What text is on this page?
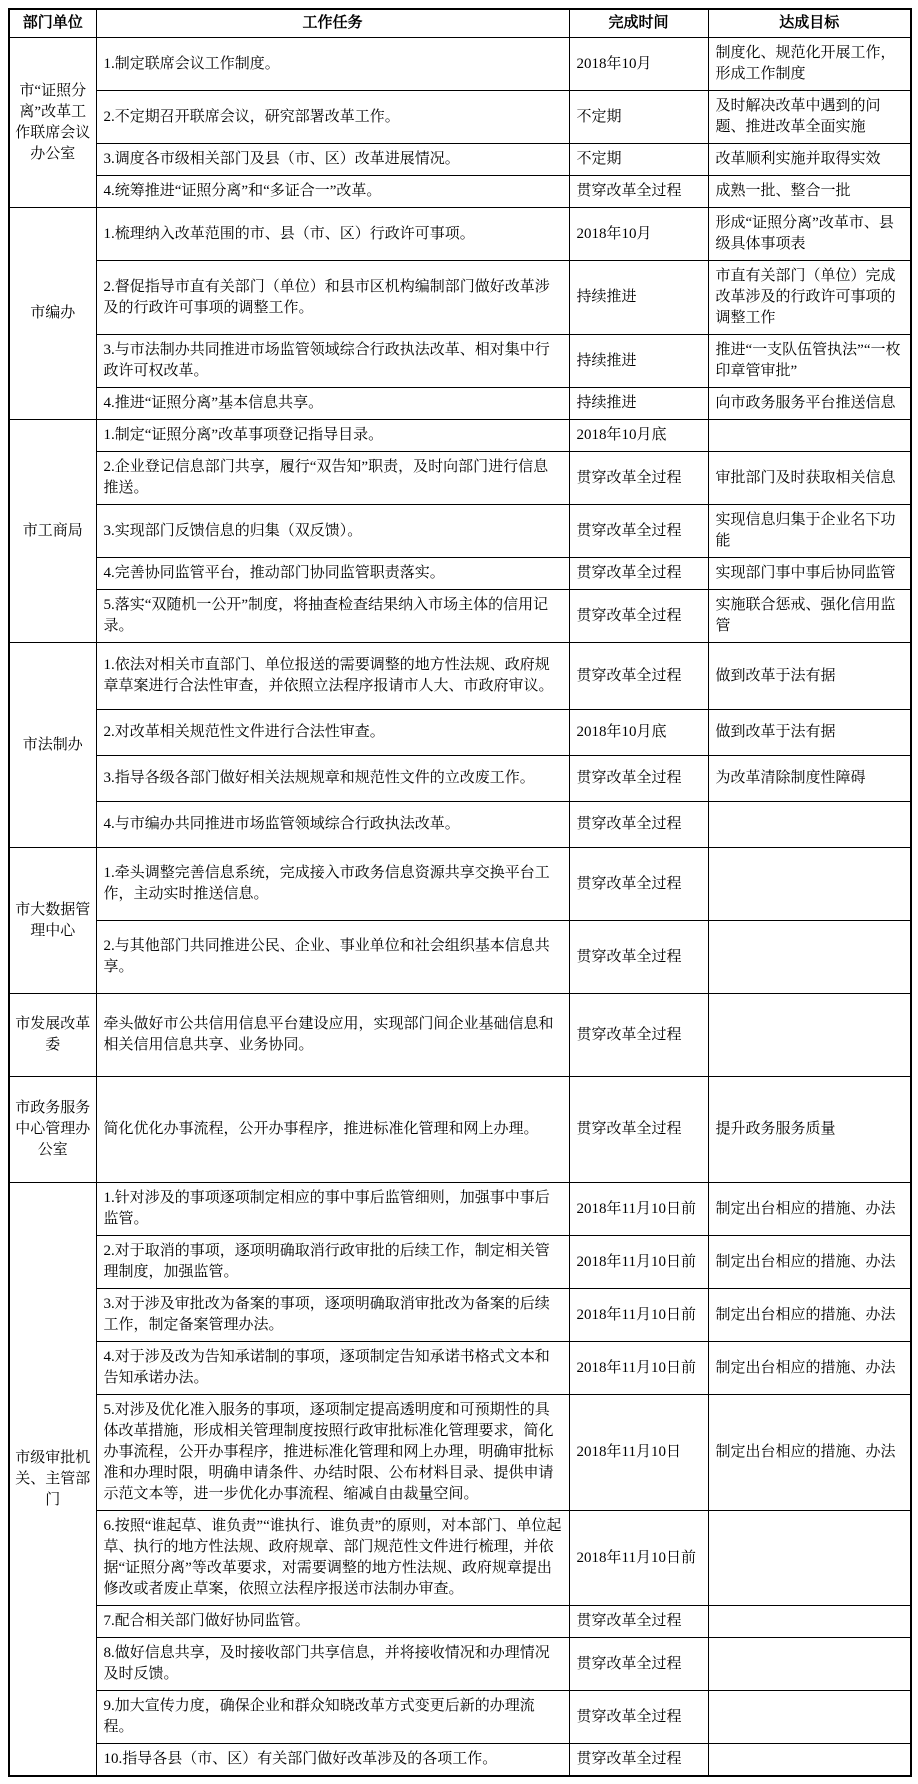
部门单位	工作任务	完成时间	达成目标
市“证照分离”改革工作联席会议办公室	1.制定联席会议工作制度。	2018年10月	制度化、规范化开展工作，形成工作制度
	2.不定期召开联席会议，研究部署改革工作。	不定期	及时解决改革中遇到的问题、推进改革全面实施
	3.调度各市级相关部门及县（市、区）改革进展情况。	不定期	改革顺利实施并取得实效
	4.统筹推进“证照分离”和“多证合一”改革。	贯穿改革全过程	成熟一批、整合一批
市编办	1.梳理纳入改革范围的市、县（市、区）行政许可事项。	2018年10月	形成“证照分离”改革市、县级具体事项表
	2.督促指导市直有关部门（单位）和县市区机构编制部门做好改革涉及的行政许可事项的调整工作。	持续推进	市直有关部门（单位）完成改革涉及的行政许可事项的调整工作
	3.与市法制办共同推进市场监管领域综合行政执法改革、相对集中行政许可权改革。	持续推进	推进“一支队伍管执法”“一枚印章管审批”
	4.推进“证照分离”基本信息共享。	持续推进	向市政务服务平台推送信息
市工商局	1.制定“证照分离”改革事项登记指导目录。	2018年10月底	
	2.企业登记信息部门共享，履行“双告知”职责，及时向部门进行信息推送。	贯穿改革全过程	审批部门及时获取相关信息
	3.实现部门反馈信息的归集（双反馈）。	贯穿改革全过程	实现信息归集于企业名下功能
	4.完善协同监管平台，推动部门协同监管职责落实。	贯穿改革全过程	实现部门事中事后协同监管
	5.落实“双随机一公开”制度，将抽查检查结果纳入市场主体的信用记录。	贯穿改革全过程	实施联合惩戒、强化信用监管
市法制办	1.依法对相关市直部门、单位报送的需要调整的地方性法规、政府规章草案进行合法性审查，并依照立法程序报请市人大、市政府审议。	贯穿改革全过程	做到改革于法有据
	2.对改革相关规范性文件进行合法性审查。	2018年10月底	做到改革于法有据
	3.指导各级各部门做好相关法规规章和规范性文件的立改废工作。	贯穿改革全过程	为改革清除制度性障碍
	4.与市编办共同推进市场监管领域综合行政执法改革。	贯穿改革全过程	
市大数据管理中心	1.牵头调整完善信息系统，完成接入市政务信息资源共享交换平台工作，主动实时推送信息。	贯穿改革全过程	
	2.与其他部门共同推进公民、企业、事业单位和社会组织基本信息共享。	贯穿改革全过程	
市发展改革委	牵头做好市公共信用信息平台建设应用，实现部门间企业基础信息和相关信用信息共享、业务协同。	贯穿改革全过程	
市政务服务中心管理办公室	简化优化办事流程，公开办事程序，推进标准化管理和网上办理。	贯穿改革全过程	提升政务服务质量
市级审批机关、主管部门	1.针对涉及的事项逐项制定相应的事中事后监管细则，加强事中事后监管。	2018年11月10日前	制定出台相应的措施、办法
	2.对于取消的事项，逐项明确取消行政审批的后续工作，制定相关管理制度，加强监管。	2018年11月10日前	制定出台相应的措施、办法
	3.对于涉及审批改为备案的事项，逐项明确取消审批改为备案的后续工作，制定备案管理办法。	2018年11月10日前	制定出台相应的措施、办法
	4.对于涉及改为告知承诺制的事项，逐项制定告知承诺书格式文本和告知承诺办法。	2018年11月10日前	制定出台相应的措施、办法
	5.对涉及优化准入服务的事项，逐项制定提高透明度和可预期性的具体改革措施，形成相关管理制度按照行政审批标准化管理要求，简化办事流程，公开办事程序，推进标准化管理和网上办理，明确审批标准和办理时限，明确申请条件、办结时限、公布材料目录、提供申请示范文本等，进一步优化办事流程、缩减自由裁量空间。	2018年11月10日	制定出台相应的措施、办法
	6.按照“谁起草、谁负责”“谁执行、谁负责”的原则，对本部门、单位起草、执行的地方性法规、政府规章、部门规范性文件进行梳理，并依据“证照分离”等改革要求，对需要调整的地方性法规、政府规章提出修改或者废止草案，依照立法程序报送市法制办审查。	2018年11月10日前	
	7.配合相关部门做好协同监管。	贯穿改革全过程	
	8.做好信息共享，及时接收部门共享信息，并将接收情况和办理情况及时反馈。	贯穿改革全过程	
	9.加大宣传力度，确保企业和群众知晓改革方式变更后新的办理流程。	贯穿改革全过程	
	10.指导各县（市、区）有关部门做好改革涉及的各项工作。	贯穿改革全过程	
